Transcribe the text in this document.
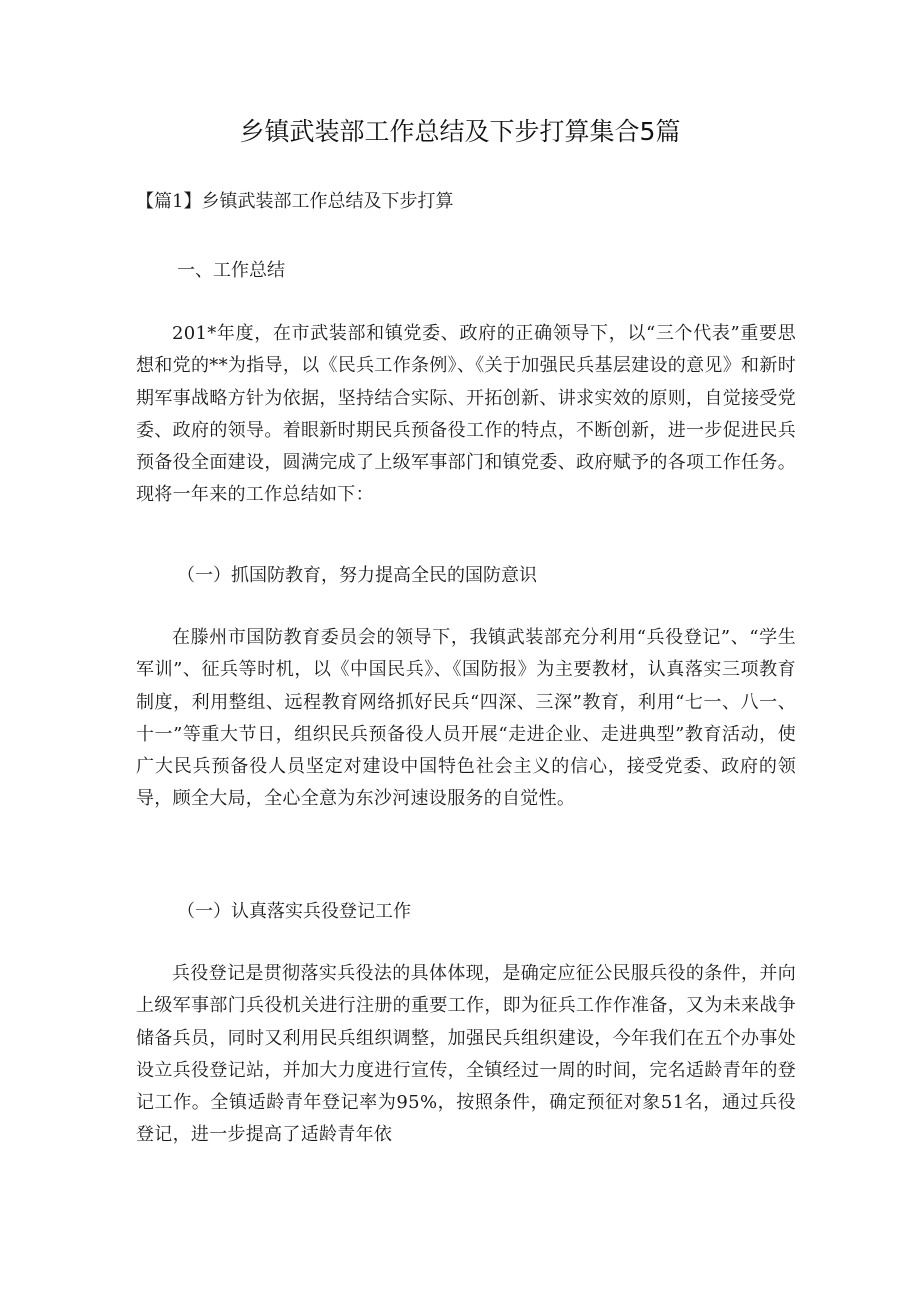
乡镇武装部工作总结及下步打算集合5篇
【篇1】乡镇武装部工作总结及下步打算
一、工作总结
201*年度，在市武装部和镇党委、政府的正确领导下，以“三个代表”重要思想和党的**为指导，以《民兵工作条例》、《关于加强民兵基层建设的意见》和新时期军事战略方针为依据，坚持结合实际、开拓创新、讲求实效的原则，自觉接受党委、政府的领导。着眼新时期民兵预备役工作的特点，不断创新，进一步促进民兵预备役全面建设，圆满完成了上级军事部门和镇党委、政府赋予的各项工作任务。现将一年来的工作总结如下：
（一）抓国防教育，努力提高全民的国防意识
在滕州市国防教育委员会的领导下，我镇武装部充分利用“兵役登记”、“学生军训”、征兵等时机，以《中国民兵》、《国防报》为主要教材，认真落实三项教育制度，利用整组、远程教育网络抓好民兵“四深、三深”教育，利用“七一、八一、十一”等重大节日，组织民兵预备役人员开展“走进企业、走进典型”教育活动，使广大民兵预备役人员坚定对建设中国特色社会主义的信心，接受党委、政府的领导，顾全大局，全心全意为东沙河速设服务的自觉性。
（一）认真落实兵役登记工作
兵役登记是贯彻落实兵役法的具体体现，是确定应征公民服兵役的条件，并向上级军事部门兵役机关进行注册的重要工作，即为征兵工作作准备，又为未来战争储备兵员，同时又利用民兵组织调整，加强民兵组织建设，今年我们在五个办事处设立兵役登记站，并加大力度进行宣传，全镇经过一周的时间，完名适龄青年的登记工作。全镇适龄青年登记率为95%，按照条件，确定预征对象51名，通过兵役登记，进一步提高了适龄青年依
